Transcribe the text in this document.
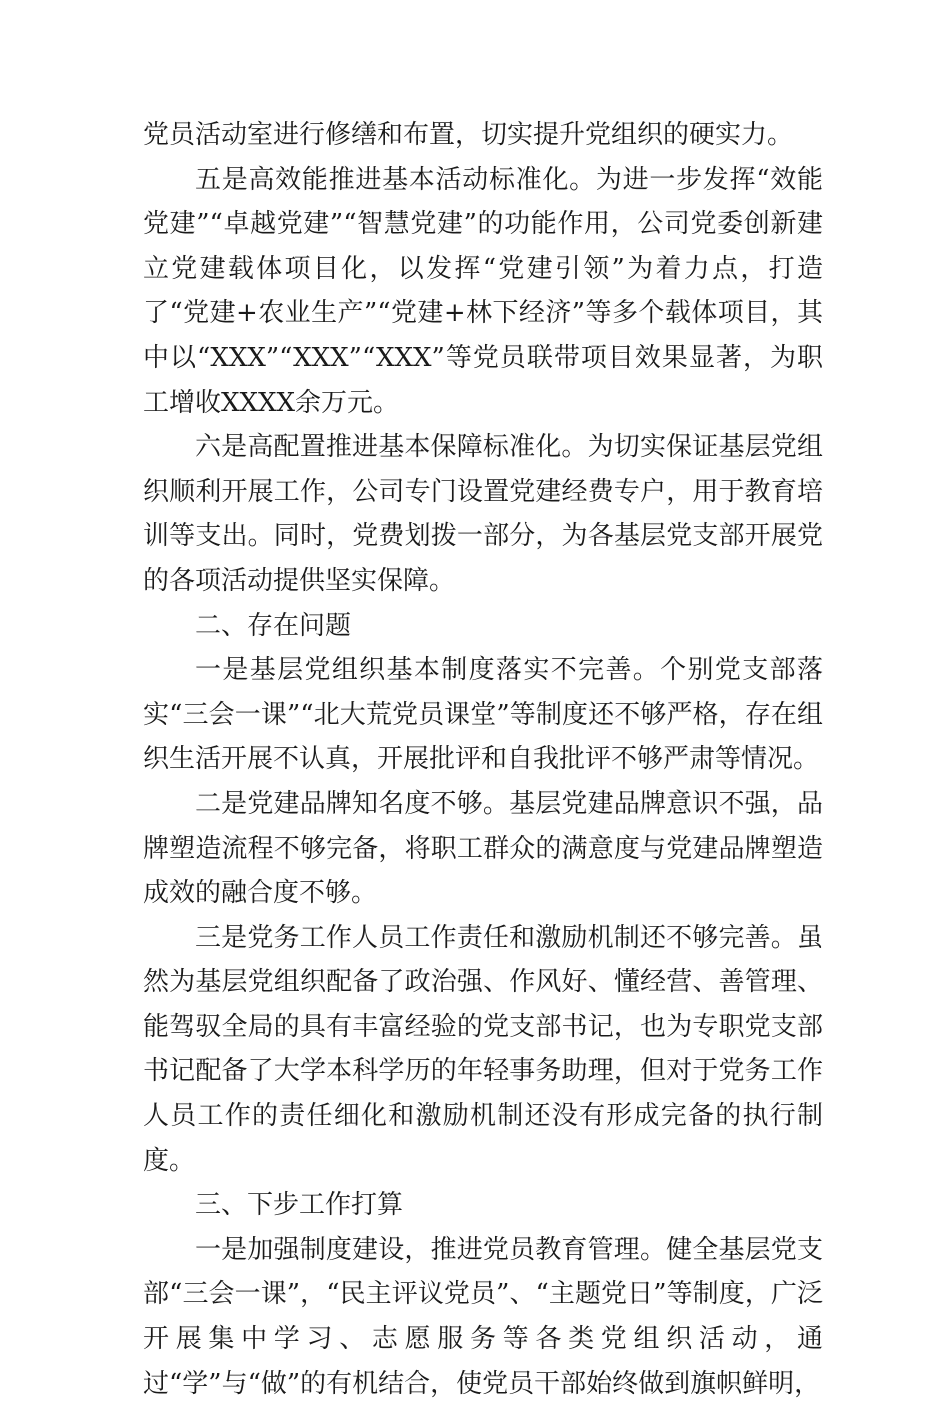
党员活动室进行修缮和布置，切实提升党组织的硬实力。

五是高效能推进基本活动标准化。为进一步发挥“效能党建”“卓越党建”“智慧党建”的功能作用，公司党委创新建立党建载体项目化，以发挥“党建引领”为着力点，打造了“党建+农业生产”“党建+林下经济”等多个载体项目，其中以“XXX”“XXX”“XXX”等党员联带项目效果显著，为职工增收XXXX余万元。

六是高配置推进基本保障标准化。为切实保证基层党组织顺利开展工作，公司专门设置党建经费专户，用于教育培训等支出。同时，党费划拨一部分，为各基层党支部开展党的各项活动提供坚实保障。

二、存在问题

一是基层党组织基本制度落实不完善。个别党支部落实“三会一课”“北大荒党员课堂”等制度还不够严格，存在组织生活开展不认真，开展批评和自我批评不够严肃等情况。

二是党建品牌知名度不够。基层党建品牌意识不强，品牌塑造流程不够完备，将职工群众的满意度与党建品牌塑造成效的融合度不够。

三是党务工作人员工作责任和激励机制还不够完善。虽然为基层党组织配备了政治强、作风好、懂经营、善管理、能驾驭全局的具有丰富经验的党支部书记，也为专职党支部书记配备了大学本科学历的年轻事务助理，但对于党务工作人员工作的责任细化和激励机制还没有形成完备的执行制度。

三、下步工作打算

一是加强制度建设，推进党员教育管理。健全基层党支部“三会一课”，“民主评议党员”、“主题党日”等制度，广泛开展集中学习、志愿服务等各类党组织活动，通过“学”与“做”的有机结合，使党员干部始终做到旗帜鲜明，
